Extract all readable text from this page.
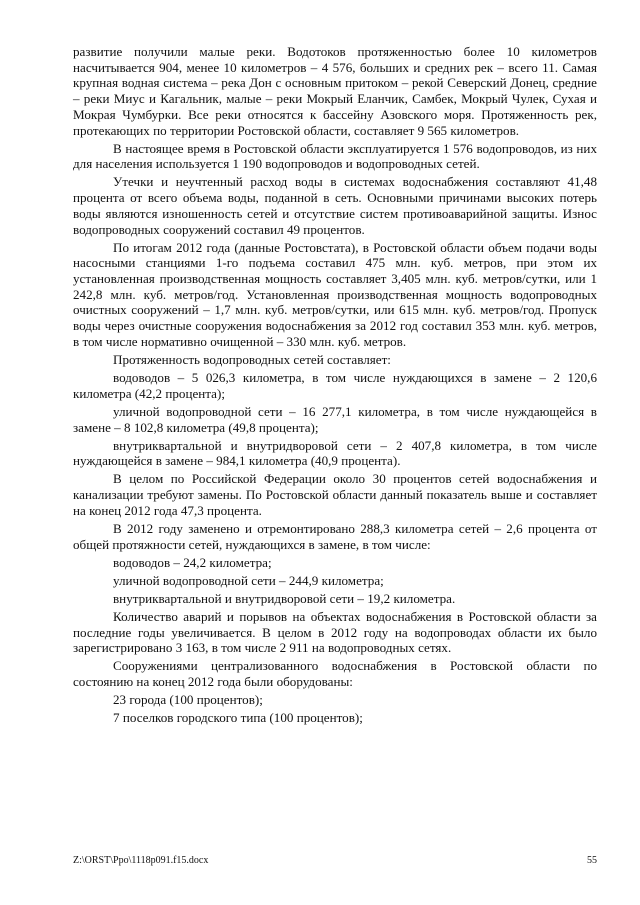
развитие получили малые реки. Водотоков протяженностью более 10 километров насчитывается 904, менее 10 километров – 4 576, больших и средних рек – всего 11. Самая крупная водная система – река Дон с основным притоком – рекой Северский Донец, средние – реки Миус и Кагальник, малые – реки Мокрый Еланчик, Самбек, Мокрый Чулек, Сухая и Мокрая Чумбурки. Все реки относятся к бассейну Азовского моря. Протяженность рек, протекающих по территории Ростовской области, составляет 9 565 километров.

В настоящее время в Ростовской области эксплуатируется 1 576 водопроводов, из них для населения используется 1 190 водопроводов и водопроводных сетей.

Утечки и неучтенный расход воды в системах водоснабжения составляют 41,48 процента от всего объема воды, поданной в сеть. Основными причинами высоких потерь воды являются изношенность сетей и отсутствие систем противоаварийной защиты. Износ водопроводных сооружений составил 49 процентов.

По итогам 2012 года (данные Ростовстата), в Ростовской области объем подачи воды насосными станциями 1-го подъема составил 475 млн. куб. метров, при этом их установленная производственная мощность составляет 3,405 млн. куб. метров/сутки, или 1 242,8 млн. куб. метров/год. Установленная производственная мощность водопроводных очистных сооружений – 1,7 млн. куб. метров/сутки, или 615 млн. куб. метров/год. Пропуск воды через очистные сооружения водоснабжения за 2012 год составил 353 млн. куб. метров, в том числе нормативно очищенной – 330 млн. куб. метров.

Протяженность водопроводных сетей составляет:

водоводов – 5 026,3 километра, в том числе нуждающихся в замене – 2 120,6 километра (42,2 процента);

уличной водопроводной сети – 16 277,1 километра, в том числе нуждающейся в замене – 8 102,8 километра (49,8 процента);

внутриквартальной и внутридворовой сети – 2 407,8 километра, в том числе нуждающейся в замене – 984,1 километра (40,9 процента).

В целом по Российской Федерации около 30 процентов сетей водоснабжения и канализации требуют замены. По Ростовской области данный показатель выше и составляет на конец 2012 года 47,3 процента.

В 2012 году заменено и отремонтировано 288,3 километра сетей – 2,6 процента от общей протяжности сетей, нуждающихся в замене, в том числе:

водоводов – 24,2 километра;

уличной водопроводной сети – 244,9 километра;

внутриквартальной и внутридворовой сети – 19,2 километра.

Количество аварий и порывов на объектах водоснабжения в Ростовской области за последние годы увеличивается. В целом в 2012 году на водопроводах области их было зарегистрировано 3 163, в том числе 2 911 на водопроводных сетях.

Сооружениями централизованного водоснабжения в Ростовской области по состоянию на конец 2012 года были оборудованы:

23 города (100 процентов);

7 поселков городского типа (100 процентов);

Z:\ORST\Ppo\1118p091.f15.docx	55
